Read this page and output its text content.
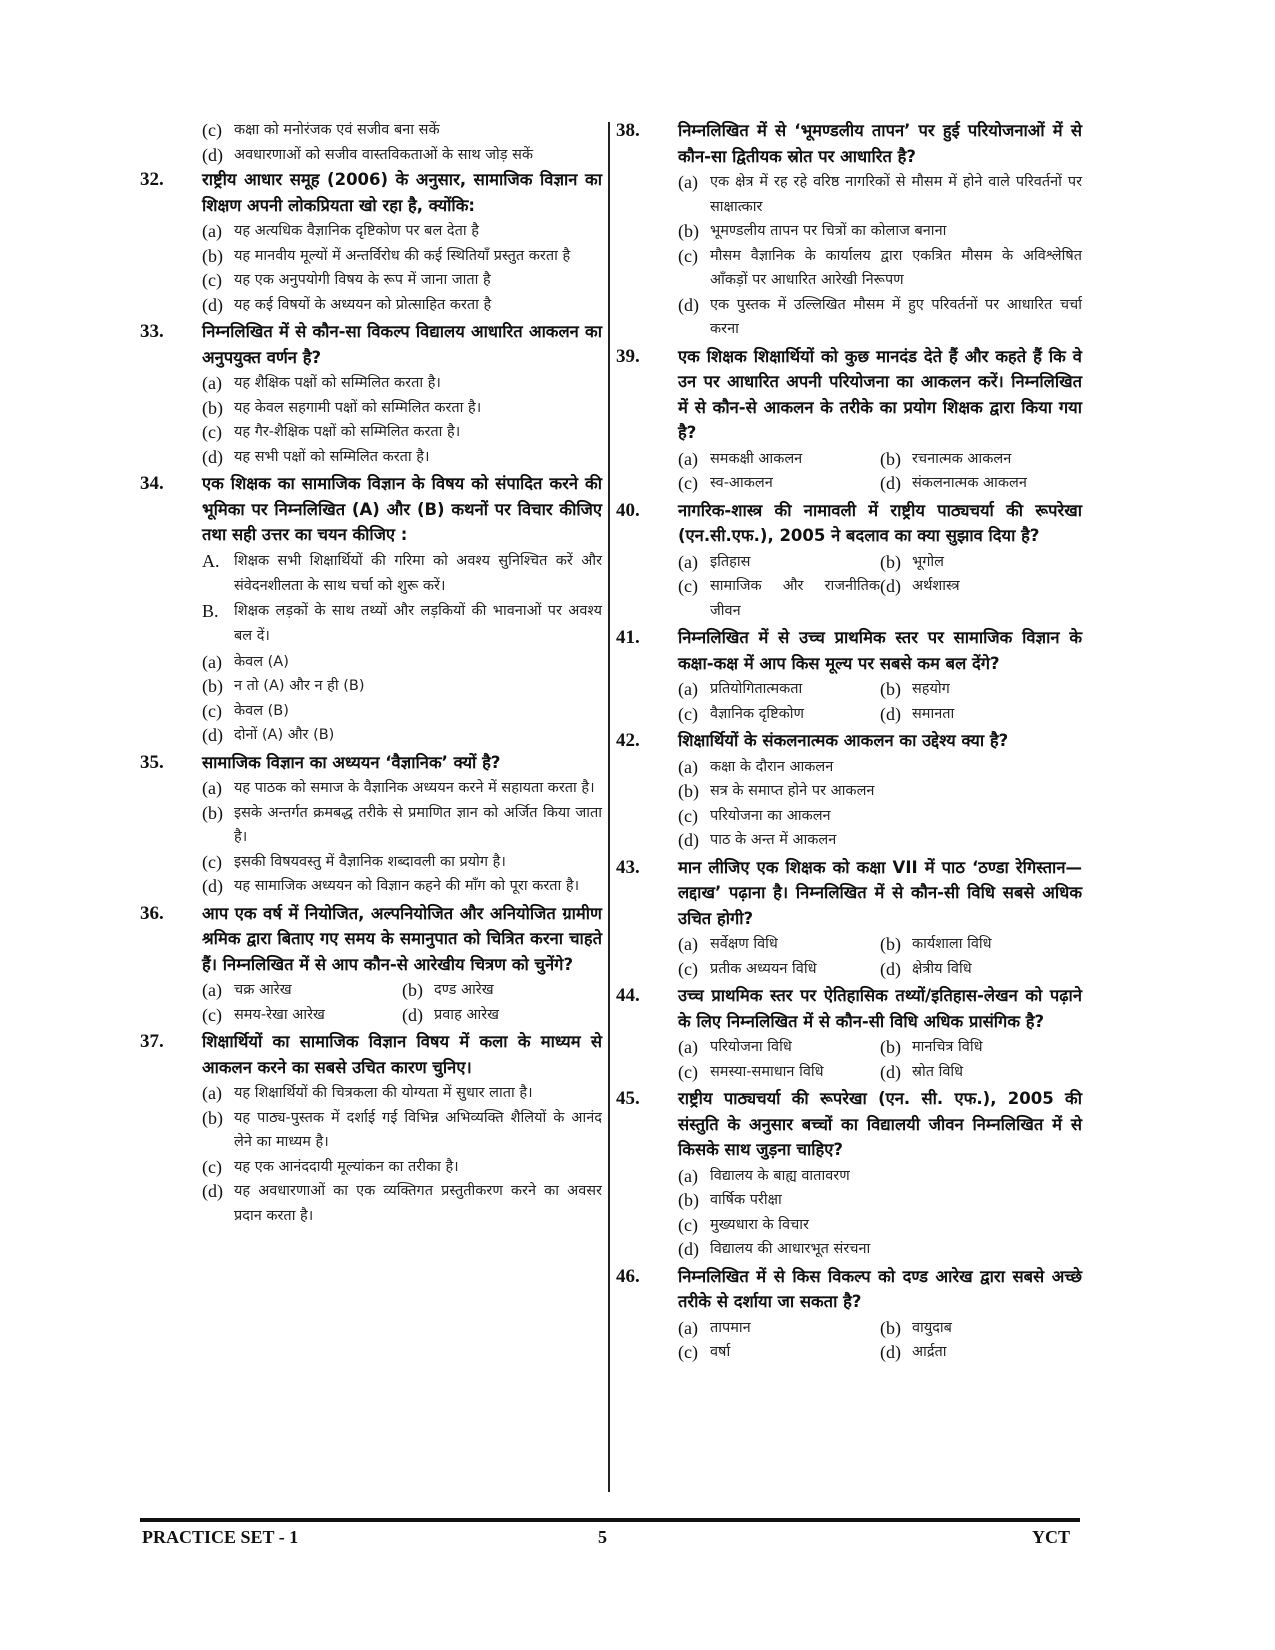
(c) कक्षा को मनोरंजक एवं सजीव बना सकें
(d) अवधारणाओं को सजीव वास्तविकताओं के साथ जोड़ सकें
32. राष्ट्रीय आधार समूह (2006) के अनुसार, सामाजिक विज्ञान का शिक्षण अपनी लोकप्रियता खो रहा है, क्योंकि:
(a) यह अत्यधिक वैज्ञानिक दृष्टिकोण पर बल देता है
(b) यह मानवीय मूल्यों में अन्तर्विरोध की कई स्थितियाँ प्रस्तुत करता है
(c) यह एक अनुपयोगी विषय के रूप में जाना जाता है
(d) यह कई विषयों के अध्ययन को प्रोत्साहित करता है
33. निम्नलिखित में से कौन-सा विकल्प विद्यालय आधारित आकलन का अनुपयुक्त वर्णन है?
(a) यह शैक्षिक पक्षों को सम्मिलित करता है।
(b) यह केवल सहगामी पक्षों को सम्मिलित करता है।
(c) यह गैर-शैक्षिक पक्षों को सम्मिलित करता है।
(d) यह सभी पक्षों को सम्मिलित करता है।
34. एक शिक्षक का सामाजिक विज्ञान के विषय को संपादित करने की भूमिका पर निम्नलिखित (A) और (B) कथनों पर विचार कीजिए तथा सही उत्तर का चयन कीजिए :
A. शिक्षक सभी शिक्षार्थियों की गरिमा को अवश्य सुनिश्चित करें और संवेदनशीलता के साथ चर्चा को शुरू करें।
B. शिक्षक लड़कों के साथ तथ्यों और लड़कियों की भावनाओं पर अवश्य बल दें।
(a) केवल (A)
(b) न तो (A) और न ही (B)
(c) केवल (B)
(d) दोनों (A) और (B)
35. सामाजिक विज्ञान का अध्ययन ‘वैज्ञानिक’ क्यों है?
(a) यह पाठक को समाज के वैज्ञानिक अध्ययन करने में सहायता करता है।
(b) इसके अन्तर्गत क्रमबद्ध तरीके से प्रमाणित ज्ञान को अर्जित किया जाता है।
(c) इसकी विषयवस्तु में वैज्ञानिक शब्दावली का प्रयोग है।
(d) यह सामाजिक अध्ययन को विज्ञान कहने की माँग को पूरा करता है।
36. आप एक वर्ष में नियोजित, अल्पनियोजित और अनियोजित ग्रामीण श्रमिक द्वारा बिताए गए समय के समानुपात को चित्रित करना चाहते हैं। निम्नलिखित में से आप कौन-से आरेखीय चित्रण को चुनेंगे?
(a) चक्र आरेख	(b) दण्ड आरेख
(c) समय-रेखा आरेख	(d) प्रवाह आरेख
37. शिक्षार्थियों का सामाजिक विज्ञान विषय में कला के माध्यम से आकलन करने का सबसे उचित कारण चुनिए।
(a) यह शिक्षार्थियों की चित्रकला की योग्यता में सुधार लाता है।
(b) यह पाठ्य-पुस्तक में दर्शाई गई विभिन्न अभिव्यक्ति शैलियों के आनंद लेने का माध्यम है।
(c) यह एक आनंददायी मूल्यांकन का तरीका है।
(d) यह अवधारणाओं का एक व्यक्तिगत प्रस्तुतीकरण करने का अवसर प्रदान करता है।
38. निम्नलिखित में से ‘भूमण्डलीय तापन’ पर हुई परियोजनाओं में से कौन-सा द्वितीयक स्रोत पर आधारित है?
(a) एक क्षेत्र में रह रहे वरिष्ठ नागरिकों से मौसम में होने वाले परिवर्तनों पर साक्षात्कार
(b) भूमण्डलीय तापन पर चित्रों का कोलाज बनाना
(c) मौसम वैज्ञानिक के कार्यालय द्वारा एकत्रित मौसम के अविश्लेषित आँकड़ों पर आधारित आरेखी निरूपण
(d) एक पुस्तक में उल्लिखित मौसम में हुए परिवर्तनों पर आधारित चर्चा करना
39. एक शिक्षक शिक्षार्थियों को कुछ मानदंड देते हैं और कहते हैं कि वे उन पर आधारित अपनी परियोजना का आकलन करें। निम्नलिखित में से कौन-से आकलन के तरीके का प्रयोग शिक्षक द्वारा किया गया है?
(a) समकक्षी आकलन	(b) रचनात्मक आकलन
(c) स्व-आकलन	(d) संकलनात्मक आकलन
40. नागरिक-शास्त्र की नामावली में राष्ट्रीय पाठ्यचर्या की रूपरेखा (एन.सी.एफ.), 2005 ने बदलाव का क्या सुझाव दिया है?
(a) इतिहास	(b) भूगोल
(c) सामाजिक और राजनीतिक जीवन
(d) अर्थशास्त्र
41. निम्नलिखित में से उच्च प्राथमिक स्तर पर सामाजिक विज्ञान के कक्षा-कक्ष में आप किस मूल्य पर सबसे कम बल देंगे?
(a) प्रतियोगितात्मकता	(b) सहयोग
(c) वैज्ञानिक दृष्टिकोण	(d) समानता
42. शिक्षार्थियों के संकलनात्मक आकलन का उद्देश्य क्या है?
(a) कक्षा के दौरान आकलन
(b) सत्र के समाप्त होने पर आकलन
(c) परियोजना का आकलन
(d) पाठ के अन्त में आकलन
43. मान लीजिए एक शिक्षक को कक्षा VII में पाठ ‘ठण्डा रेगिस्तान—लद्दाख’ पढ़ाना है। निम्नलिखित में से कौन-सी विधि सबसे अधिक उचित होगी?
(a) सर्वेक्षण विधि	(b) कार्यशाला विधि
(c) प्रतीक अध्ययन विधि	(d) क्षेत्रीय विधि
44. उच्च प्राथमिक स्तर पर ऐतिहासिक तथ्यों/इतिहास-लेखन को पढ़ाने के लिए निम्नलिखित में से कौन-सी विधि अधिक प्रासंगिक है?
(a) परियोजना विधि	(b) मानचित्र विधि
(c) समस्या-समाधान विधि	(d) स्रोत विधि
45. राष्ट्रीय पाठ्यचर्या की रूपरेखा (एन. सी. एफ.), 2005 की संस्तुति के अनुसार बच्चों का विद्यालयी जीवन निम्नलिखित में से किसके साथ जुड़ना चाहिए?
(a) विद्यालय के बाह्य वातावरण
(b) वार्षिक परीक्षा
(c) मुख्यधारा के विचार
(d) विद्यालय की आधारभूत संरचना
46. निम्नलिखित में से किस विकल्प को दण्ड आरेख द्वारा सबसे अच्छे तरीके से दर्शाया जा सकता है?
(a) तापमान	(b) वायुदाब
(c) वर्षा	(d) आर्द्रता
PRACTICE SET - 1	5	YCT
